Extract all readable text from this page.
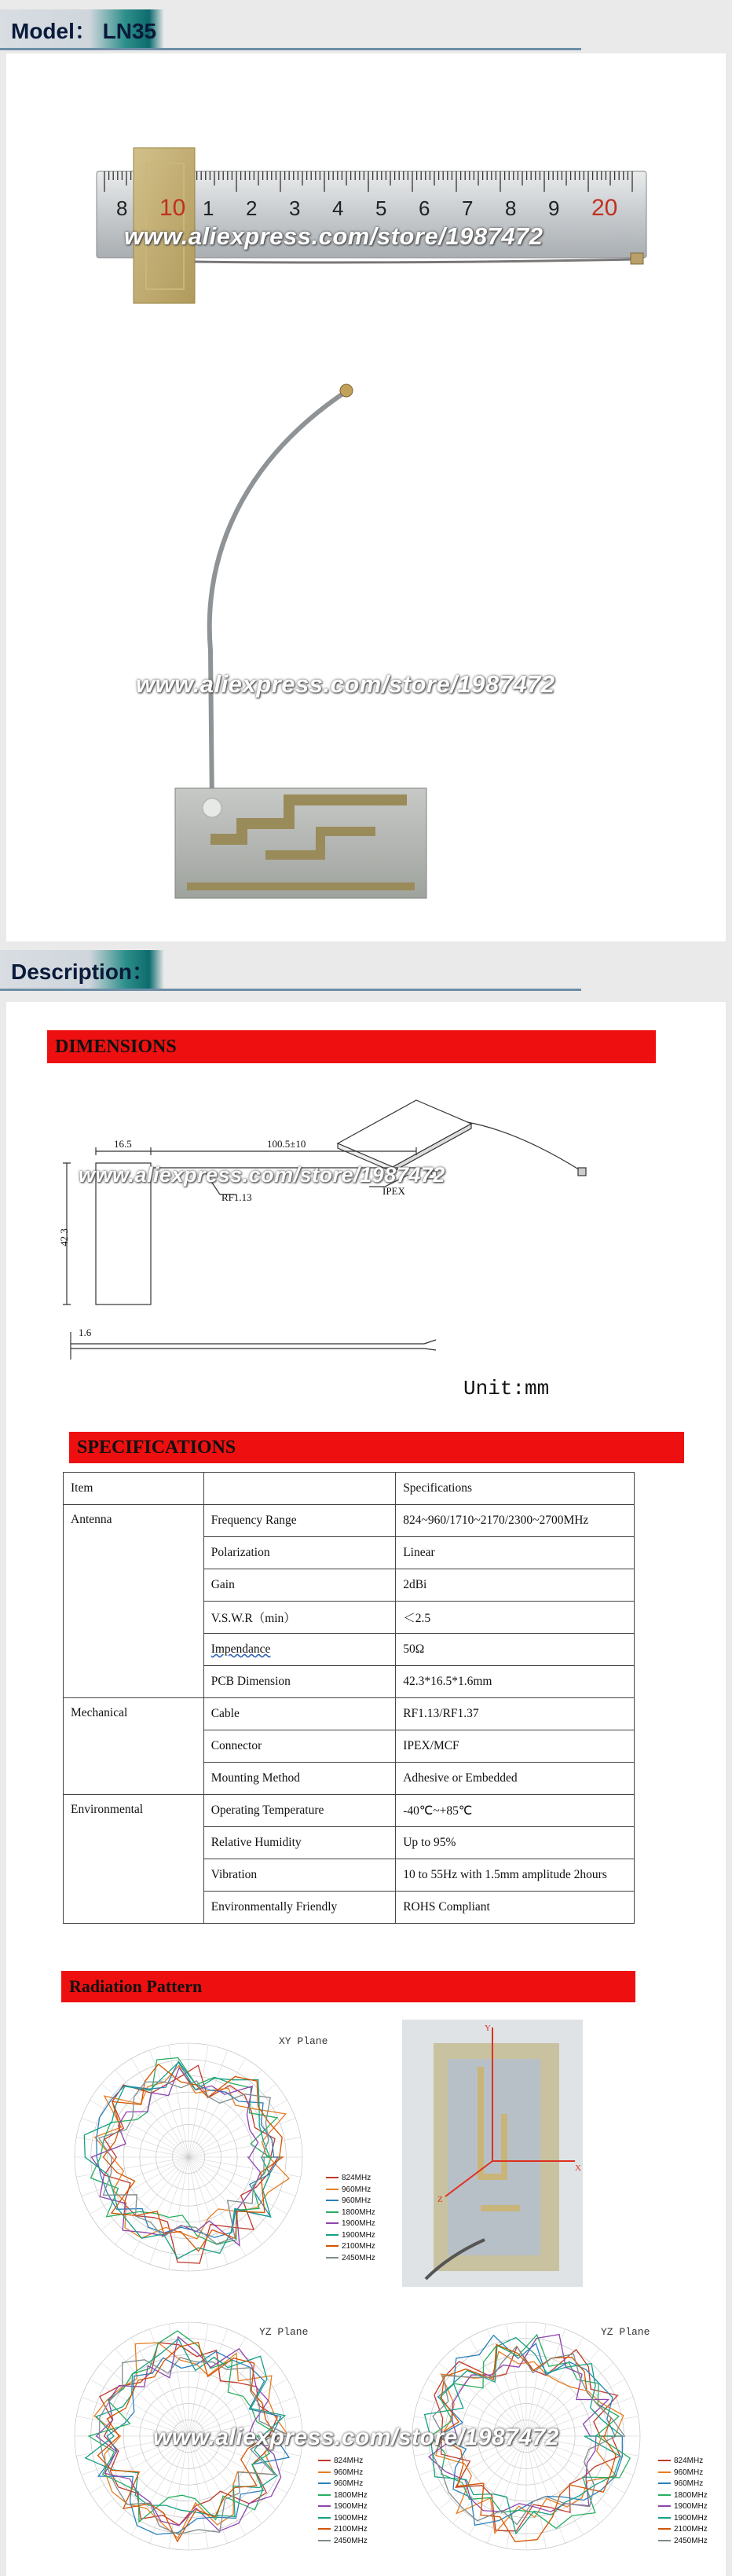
Model： LN35
8 10 1 2 3 4 5 6 7 8 9 20
www.aliexpress.com/store/1987472
www.aliexpress.com/store/1987472
Description：
DIMENSIONS
16.5	100.5±10
42.3
1.6
RF1.13
IPEX
www.aliexpress.com/store/1987472
Unit:mm
SPECIFICATIONS
Item		Specifications
Antenna	Frequency Range	824~960/1710~2170/2300~2700MHz
	Polarization	Linear
	Gain	2dBi
	V.S.W.R（min）	＜2.5
	Impendance	50Ω
	PCB Dimension	42.3*16.5*1.6mm
Mechanical	Cable	RF1.13/RF1.37
	Connector	IPEX/MCF
	Mounting Method	Adhesive or Embedded
Environmental	Operating Temperature	-40℃~+85℃
	Relative Humidity	Up to 95%
	Vibration	10 to 55Hz with 1.5mm amplitude 2hours
	Environmentally Friendly	ROHS Compliant
Radiation Pattern
XY Plane
824MHz
960MHz
960MHz
1800MHz
1900MHz
1900MHz
2100MHz
2450MHz
Y
X
Z
YZ Plane
824MHz
960MHz
960MHz
1800MHz
1900MHz
1900MHz
2100MHz
2450MHz
YZ Plane
824MHz
960MHz
960MHz
1800MHz
1900MHz
1900MHz
2100MHz
2450MHz
www.aliexpress.com/store/1987472
